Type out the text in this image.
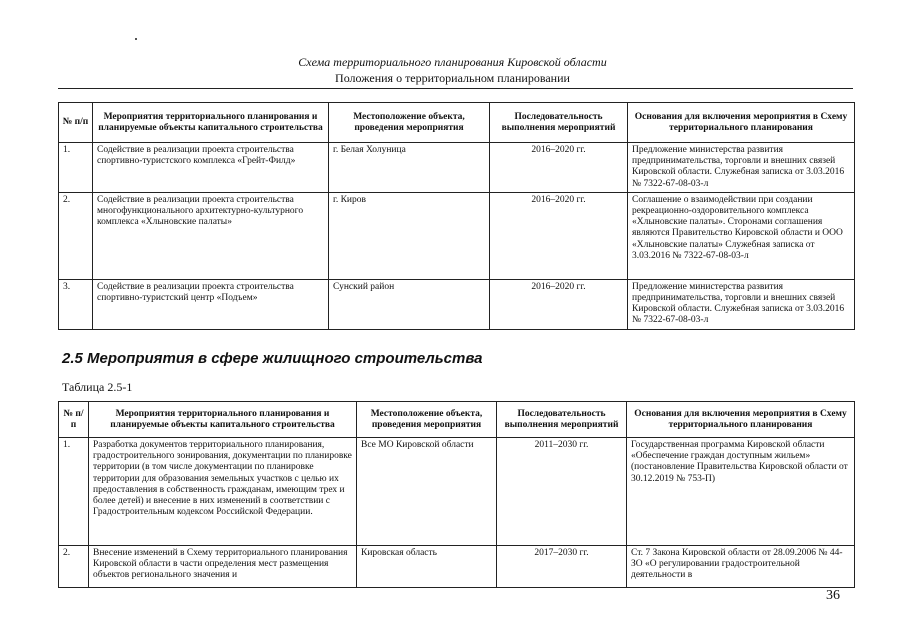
Схема территориального планирования Кировской области
Положения о территориальном планировании
№ п/п	Мероприятия территориального планирования и планируемые объекты капитального строительства	Местоположение объекта, проведения мероприятия	Последовательность выполнения мероприятий	Основания для включения мероприятия в Схему территориального планирования
1.	Содействие в реализации проекта строительства спортивно-туристского комплекса «Грейт-Филд»	г. Белая Холуница	2016–2020 гг.	Предложение министерства развития предпринимательства, торговли и внешних связей Кировской области. Служебная записка от 3.03.2016 № 7322-67-08-03-л
2.	Содействие в реализации проекта строительства многофункционального архитектурно-культурного комплекса «Хлыновские палаты»	г. Киров	2016–2020 гг.	Соглашение о взаимодействии при создании рекреационно-оздоровительного комплекса «Хлыновские палаты». Сторонами соглашения являются Правительство Кировской области и ООО «Хлыновские палаты» Служебная записка от 3.03.2016 № 7322-67-08-03-л
3.	Содействие в реализации проекта строительства спортивно-туристский центр «Подъем»	Сунский район	2016–2020 гг.	Предложение министерства развития предпринимательства, торговли и внешних связей Кировской области. Служебная записка от 3.03.2016 № 7322-67-08-03-л
2.5 Мероприятия в сфере жилищного строительства
Таблица 2.5-1
№ п/п	Мероприятия территориального планирования и планируемые объекты капитального строительства	Местоположение объекта, проведения мероприятия	Последовательность выполнения мероприятий	Основания для включения мероприятия в Схему территориального планирования
1.	Разработка документов территориального планирования, градостроительного зонирования, документации по планировке территории (в том числе документации по планировке территории для образования земельных участков с целью их предоставления в собственность гражданам, имеющим трех и более детей) и внесение в них изменений в соответствии с Градостроительным кодексом Российской Федерации.	Все МО Кировской области	2011–2030 гг.	Государственная программа Кировской области «Обеспечение граждан доступным жильем» (постановление Правительства Кировской области от 30.12.2019 № 753-П)
2.	Внесение изменений в Схему территориального планирования Кировской области в части определения мест размещения объектов регионального значения и	Кировская область	2017–2030 гг.	Ст. 7 Закона Кировской области от 28.09.2006 № 44-ЗО «О регулировании градостроительной деятельности в
36
